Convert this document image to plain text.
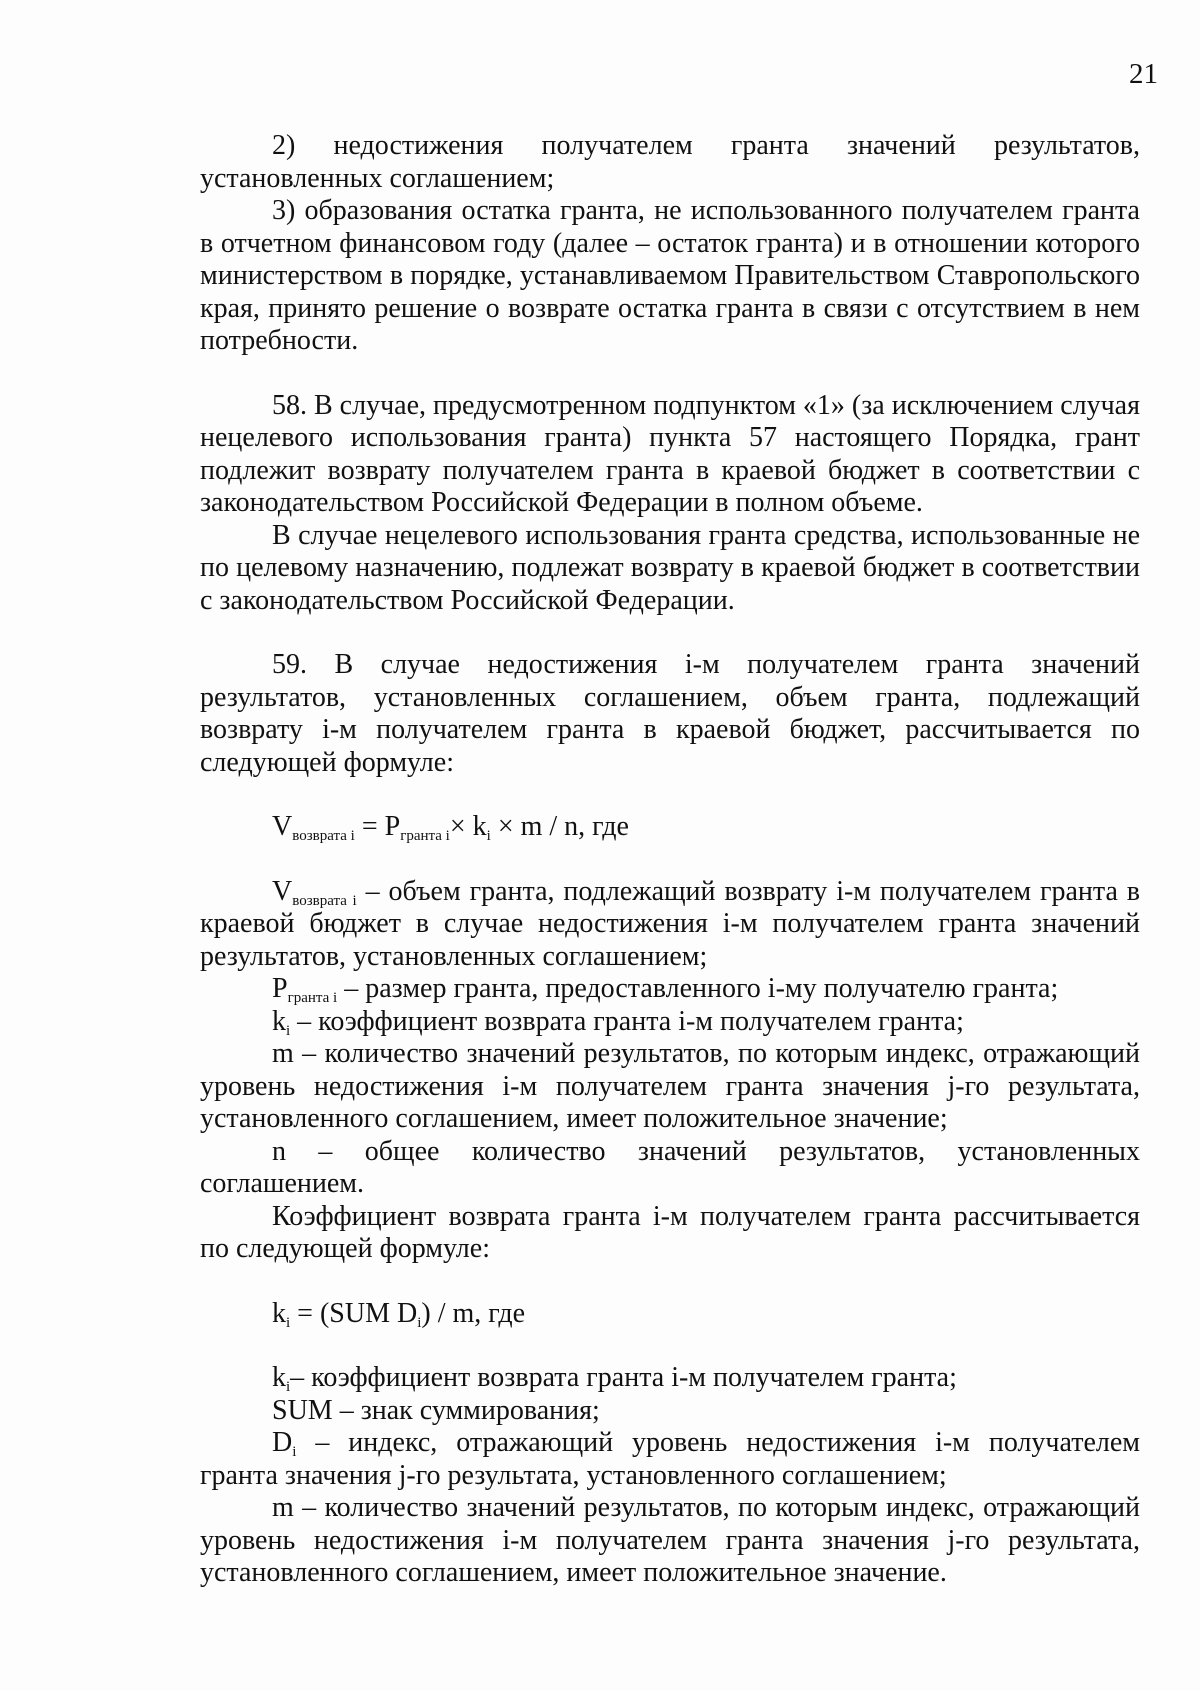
21

2) недостижения получателем гранта значений результатов, установленных соглашением;

3) образования остатка гранта, не использованного получателем гранта в отчетном финансовом году (далее – остаток гранта) и в отношении которого министерством в порядке, устанавливаемом Правительством Ставропольского края, принято решение о возврате остатка гранта в связи с отсутствием в нем потребности.

58. В случае, предусмотренном подпунктом «1» (за исключением случая нецелевого использования гранта) пункта 57 настоящего Порядка, грант подлежит возврату получателем гранта в краевой бюджет в соответствии с законодательством Российской Федерации в полном объеме.

В случае нецелевого использования гранта средства, использованные не по целевому назначению, подлежат возврату в краевой бюджет в соответствии с законодательством Российской Федерации.

59. В случае недостижения i-м получателем гранта значений результатов, установленных соглашением, объем гранта, подлежащий возврату i-м получателем гранта в краевой бюджет, рассчитывается по следующей формуле:

$V_{возврата i} = P_{гранта i}\times k_i \times m / n$, где

$V_{возврата i}$ – объем гранта, подлежащий возврату i-м получателем гранта в краевой бюджет в случае недостижения i-м получателем гранта значений результатов, установленных соглашением;

$P_{гранта i}$ – размер гранта, предоставленного i-му получателю гранта;

$k_i$ – коэффициент возврата гранта i-м получателем гранта;

m – количество значений результатов, по которым индекс, отражающий уровень недостижения i-м получателем гранта значения j-го результата, установленного соглашением, имеет положительное значение;

n – общее количество значений результатов, установленных соглашением.

Коэффициент возврата гранта i-м получателем гранта рассчитывается по следующей формуле:

$k_i = (SUM$ $D_i$) / m, где

$k_i-$ коэффициент возврата гранта i-м получателем гранта;

SUM – знак суммирования;

$D_i$ – индекс, отражающий уровень недостижения i-м получателем гранта значения j-го результата, установленного соглашением;

m – количество значений результатов, по которым индекс, отражающий уровень недостижения i-м получателем гранта значения j-го результата, установленного соглашением, имеет положительное значение.
